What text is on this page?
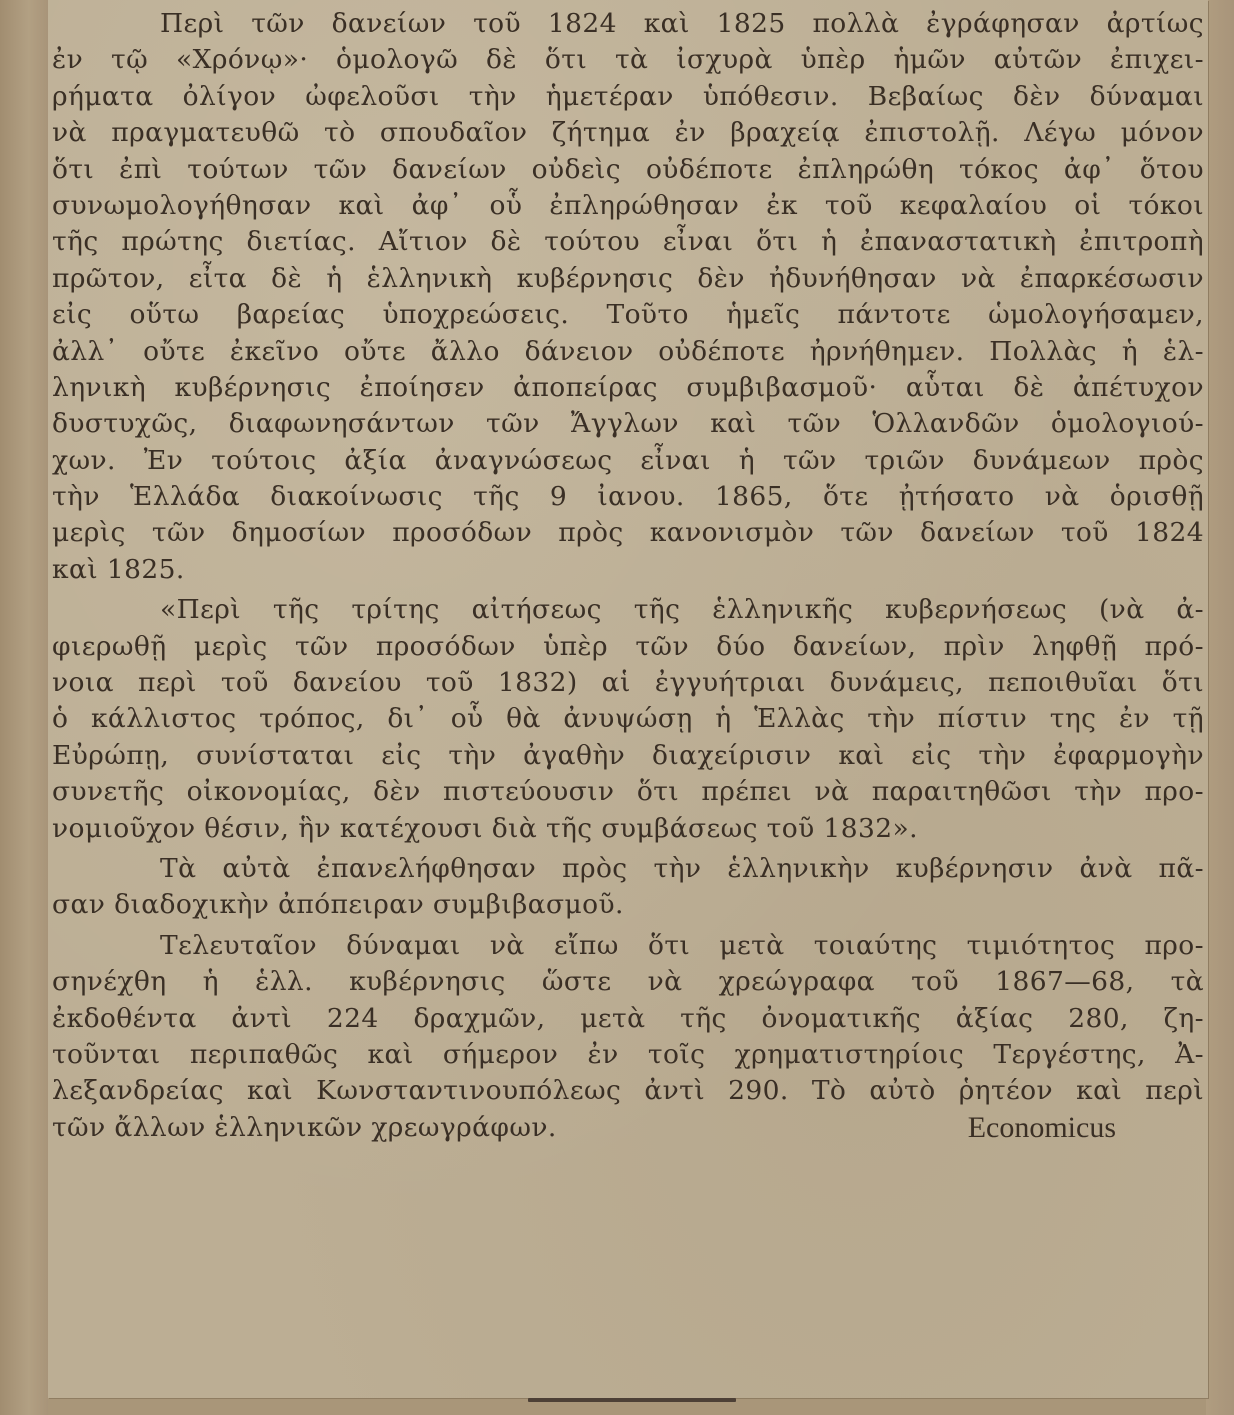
Περὶ τῶν δανείων τοῦ 1824 καὶ 1825 πολλὰ ἐγράφησαν ἀρτίως
ἐν τῷ «Χρόνῳ»· ὁμολογῶ δὲ ὅτι τὰ ἰσχυρὰ ὑπὲρ ἡμῶν αὐτῶν ἐπιχει-
ρήματα ὀλίγον ὠφελοῦσι τὴν ἡμετέραν ὑπόθεσιν. Βεβαίως δὲν δύναμαι
νὰ πραγματευθῶ τὸ σπουδαῖον ζήτημα ἐν βραχείᾳ ἐπιστολῇ. Λέγω μόνον
ὅτι ἐπὶ τούτων τῶν δανείων οὐδεὶς οὐδέποτε ἐπληρώθη τόκος ἀφ᾽ ὅτου
συνωμολογήθησαν καὶ ἀφ᾽ οὗ ἐπληρώθησαν ἐκ τοῦ κεφαλαίου οἱ τόκοι
τῆς πρώτης διετίας. Αἴτιον δὲ τούτου εἶναι ὅτι ἡ ἐπαναστατικὴ ἐπιτροπὴ
πρῶτον, εἶτα δὲ ἡ ἑλληνικὴ κυβέρνησις δὲν ἠδυνήθησαν νὰ ἐπαρκέσωσιν
εἰς οὕτω βαρείας ὑποχρεώσεις. Τοῦτο ἡμεῖς πάντοτε ὡμολογήσαμεν,
ἀλλ᾽ οὔτε ἐκεῖνο οὔτε ἄλλο δάνειον οὐδέποτε ἠρνήθημεν. Πολλὰς ἡ ἑλ-
ληνικὴ κυβέρνησις ἐποίησεν ἀποπείρας συμβιβασμοῦ· αὗται δὲ ἀπέτυχον
δυστυχῶς, διαφωνησάντων τῶν Ἄγγλων καὶ τῶν Ὁλλανδῶν ὁμολογιού-
χων. Ἐν τούτοις ἀξία ἀναγνώσεως εἶναι ἡ τῶν τριῶν δυνάμεων πρὸς
τὴν Ἑλλάδα διακοίνωσις τῆς 9 ἰανου. 1865, ὅτε ᾐτήσατο νὰ ὁρισθῇ
μερὶς τῶν δημοσίων προσόδων πρὸς κανονισμὸν τῶν δανείων τοῦ 1824
καὶ 1825.
«Περὶ τῆς τρίτης αἰτήσεως τῆς ἑλληνικῆς κυβερνήσεως (νὰ ἀ-
φιερωθῇ μερὶς τῶν προσόδων ὑπὲρ τῶν δύο δανείων, πρὶν ληφθῇ πρό-
νοια περὶ τοῦ δανείου τοῦ 1832) αἱ ἐγγυήτριαι δυνάμεις, πεποιθυῖαι ὅτι
ὁ κάλλιστος τρόπος, δι᾽ οὗ θὰ ἀνυψώσῃ ἡ Ἑλλὰς τὴν πίστιν της ἐν τῇ
Εὐρώπῃ, συνίσταται εἰς τὴν ἀγαθὴν διαχείρισιν καὶ εἰς τὴν ἐφαρμογὴν
συνετῆς οἰκονομίας, δὲν πιστεύουσιν ὅτι πρέπει νὰ παραιτηθῶσι τὴν προ-
νομιοῦχον θέσιν, ἣν κατέχουσι διὰ τῆς συμβάσεως τοῦ 1832».
Τὰ αὐτὰ ἐπανελήφθησαν πρὸς τὴν ἑλληνικὴν κυβέρνησιν ἀνὰ πᾶ-
σαν διαδοχικὴν ἀπόπειραν συμβιβασμοῦ.
Τελευταῖον δύναμαι νὰ εἴπω ὅτι μετὰ τοιαύτης τιμιότητος προ-
σηνέχθη ἡ ἑλλ. κυβέρνησις ὥστε νὰ χρεώγραφα τοῦ 1867—68, τὰ
ἐκδοθέντα ἀντὶ 224 δραχμῶν, μετὰ τῆς ὀνοματικῆς ἀξίας 280, ζη-
τοῦνται περιπαθῶς καὶ σήμερον ἐν τοῖς χρηματιστηρίοις Τεργέστης, Ἀ-
λεξανδρείας καὶ Κωνσταντινουπόλεως ἀντὶ 290. Τὸ αὐτὸ ῥητέον καὶ περὶ
τῶν ἄλλων ἑλληνικῶν χρεωγράφων.	Economicus
